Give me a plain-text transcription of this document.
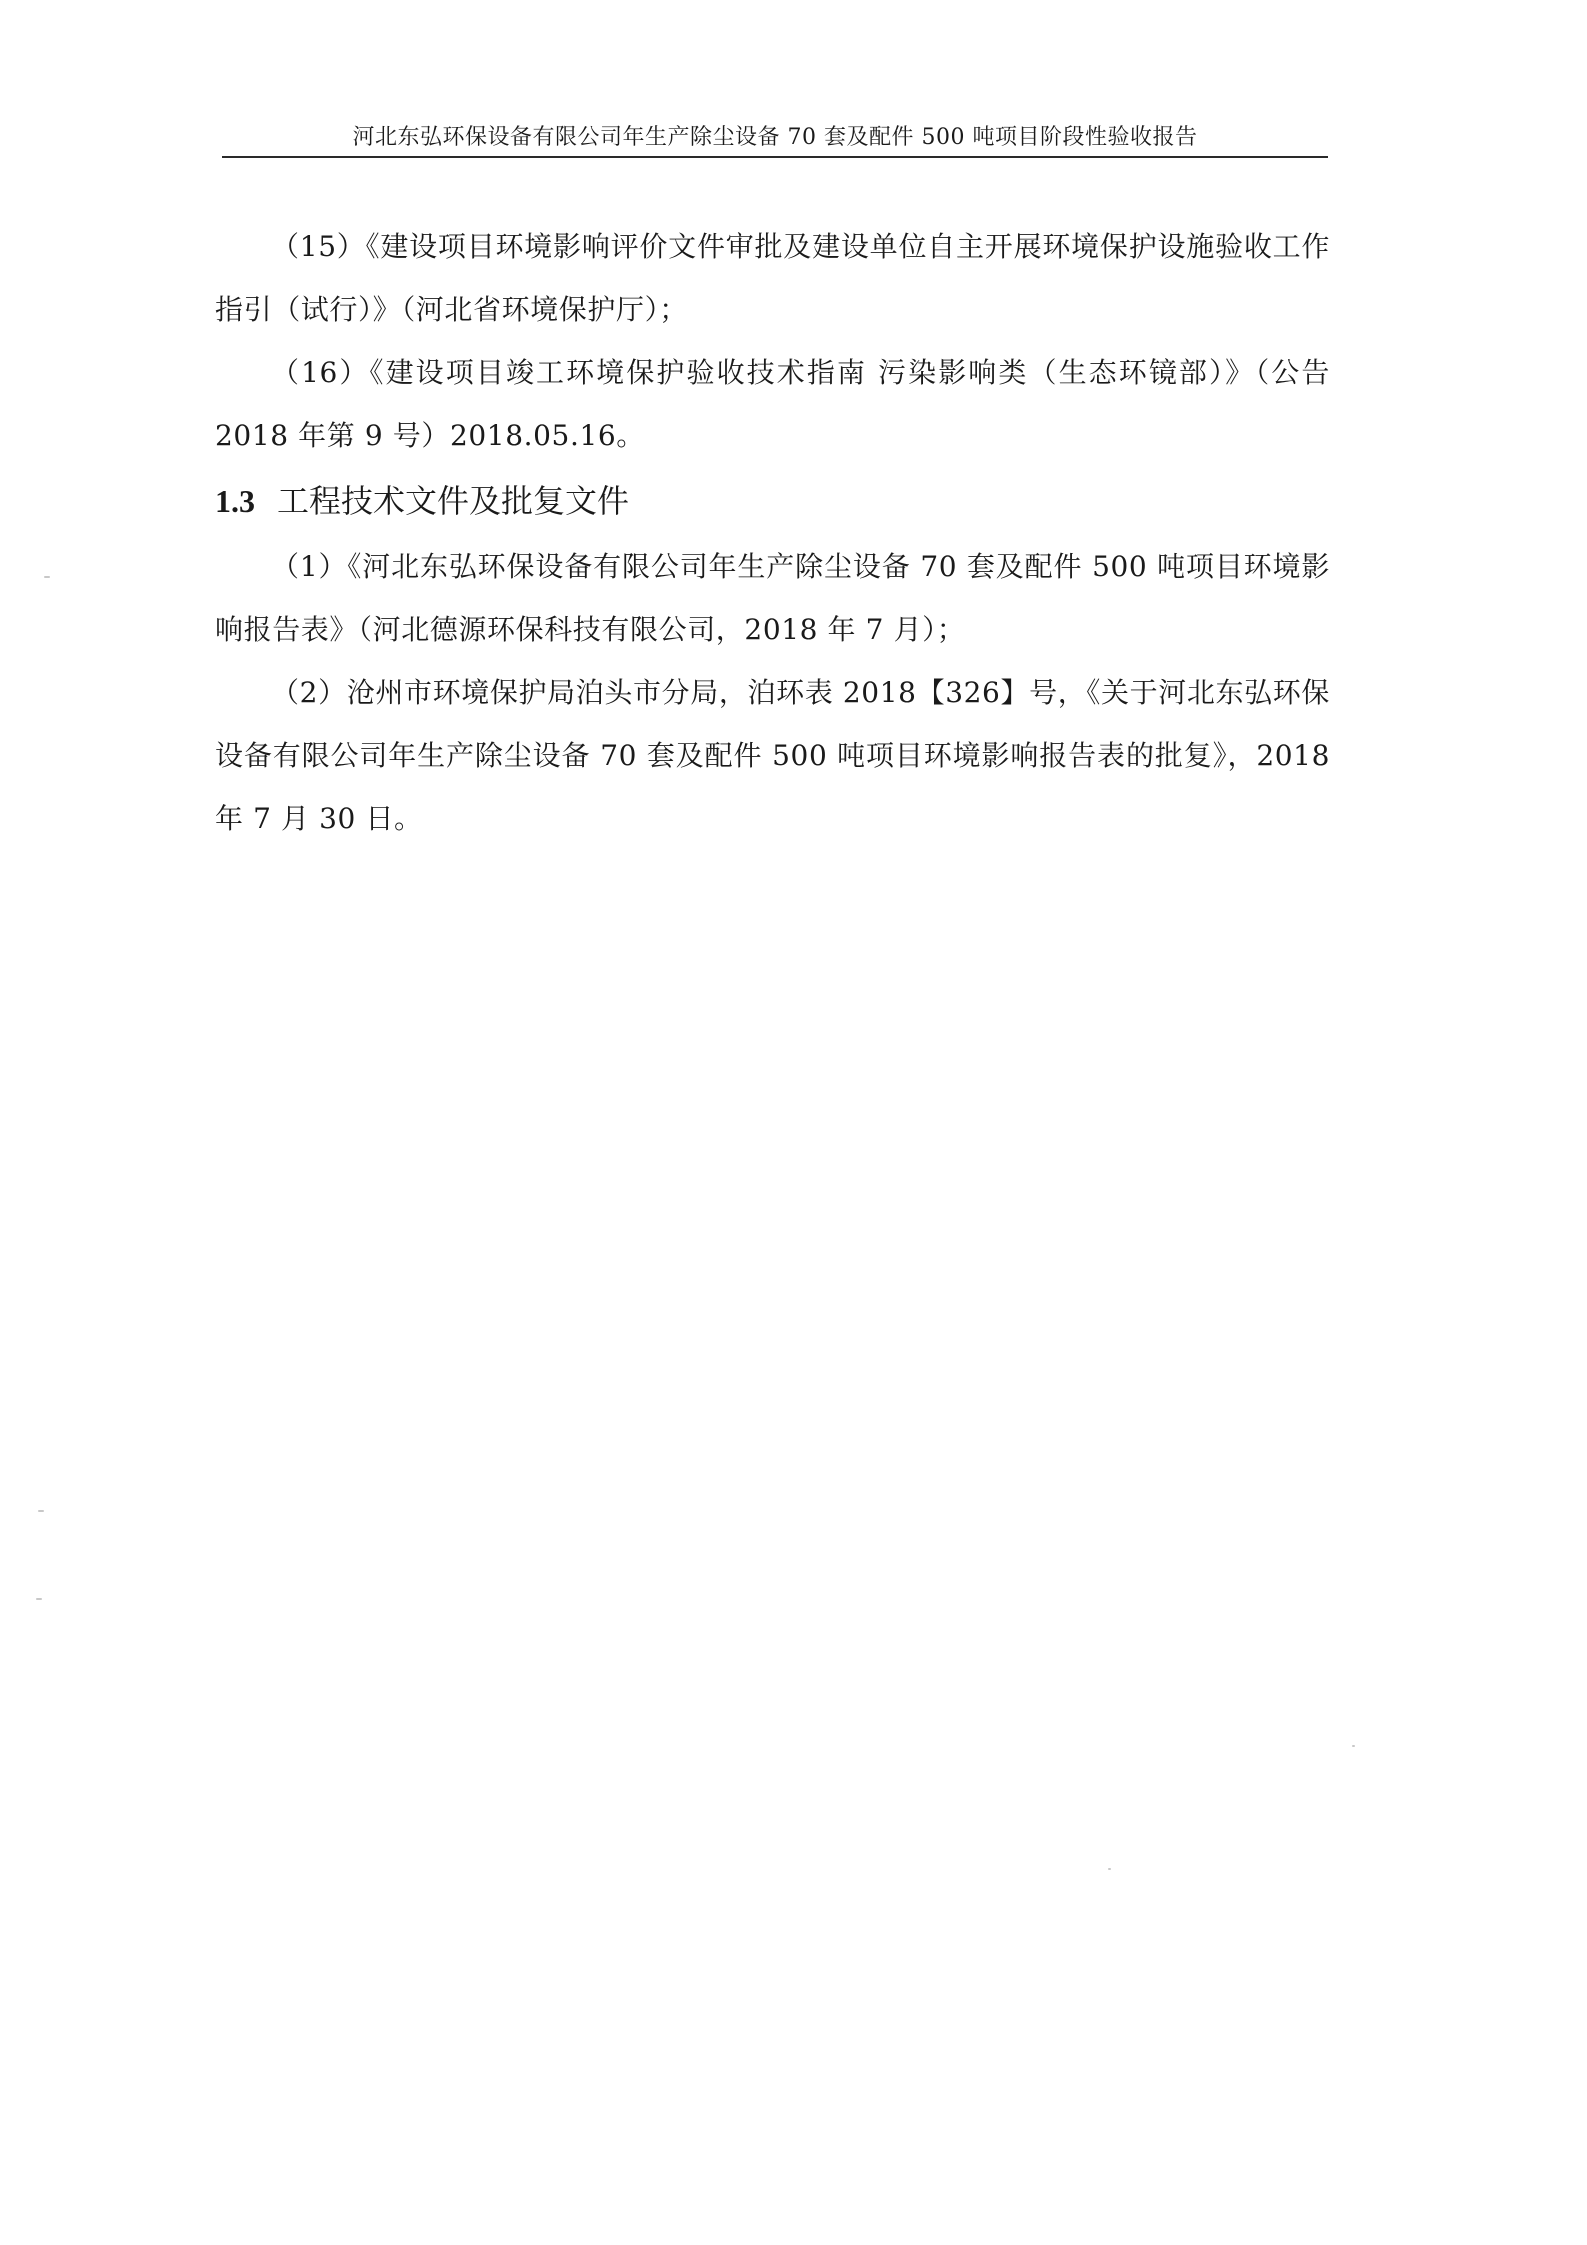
河北东弘环保设备有限公司年生产除尘设备 70 套及配件 500 吨项目阶段性验收报告

（15）《建设项目环境影响评价文件审批及建设单位自主开展环境保护设施验收工作指引（试行）》（河北省环境保护厅）；

（16）《建设项目竣工环境保护验收技术指南 污染影响类（生态环镜部）》（公告 2018 年第 9 号）2018.05.16。

1.3 工程技术文件及批复文件

（1）《河北东弘环保设备有限公司年生产除尘设备 70 套及配件 500 吨项目环境影响报告表》（河北德源环保科技有限公司，2018 年 7 月）；

（2）沧州市环境保护局泊头市分局，泊环表 2018【326】号，《关于河北东弘环保设备有限公司年生产除尘设备 70 套及配件 500 吨项目环境影响报告表的批复》，2018 年 7 月 30 日。
